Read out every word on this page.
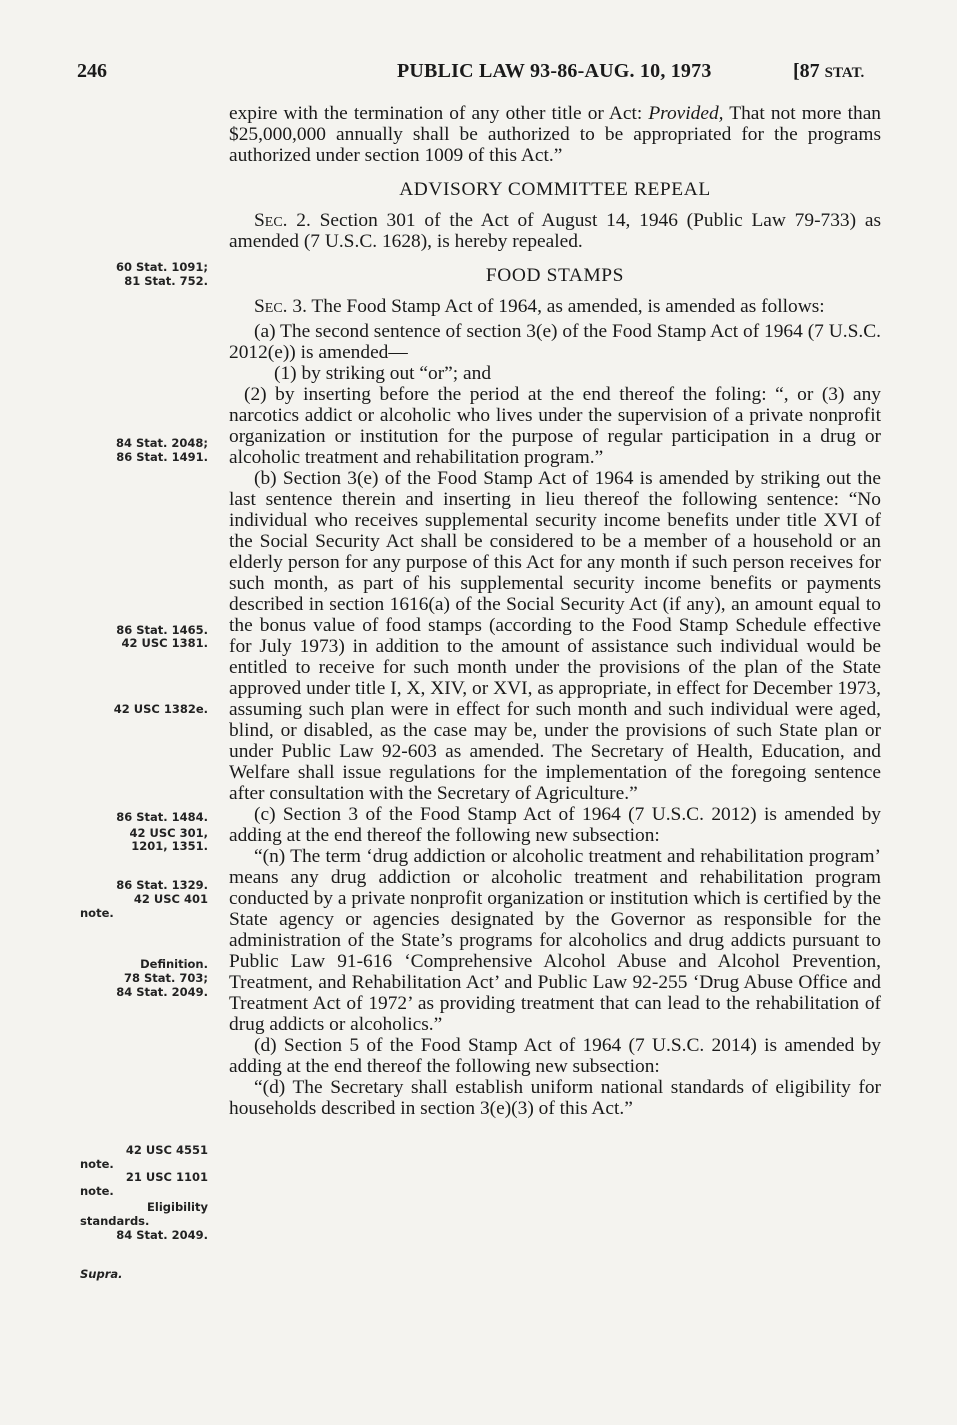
246	PUBLIC LAW 93-86-AUG. 10, 1973	[87 STAT.

expire with the termination of any other title or Act: Provided, That not more than $25,000,000 annually shall be authorized to be appropriated for the programs authorized under section 1009 of this Act.”

ADVISORY COMMITTEE REPEAL

Sec. 2. Section 301 of the Act of August 14, 1946 (Public Law 79-733) as amended (7 U.S.C. 1628), is hereby repealed.

FOOD STAMPS

Sec. 3. The Food Stamp Act of 1964, as amended, is amended as follows:

(a) The second sentence of section 3(e) of the Food Stamp Act of 1964 (7 U.S.C. 2012(e)) is amended—

(1) by striking out “or”; and

(2) by inserting before the period at the end thereof the foling: “, or (3) any narcotics addict or alcoholic who lives under the supervision of a private nonprofit organization or institution for the purpose of regular participation in a drug or alcoholic treatment and rehabilitation program.”

(b) Section 3(e) of the Food Stamp Act of 1964 is amended by striking out the last sentence therein and inserting in lieu thereof the following sentence: “No individual who receives supplemental security income benefits under title XVI of the Social Security Act shall be considered to be a member of a household or an elderly person for any purpose of this Act for any month if such person receives for such month, as part of his supplemental security income benefits or payments described in section 1616(a) of the Social Security Act (if any), an amount equal to the bonus value of food stamps (according to the Food Stamp Schedule effective for July 1973) in addition to the amount of assistance such individual would be entitled to receive for such month under the provisions of the plan of the State approved under title I, X, XIV, or XVI, as appropriate, in effect for December 1973, assuming such plan were in effect for such month and such individual were aged, blind, or disabled, as the case may be, under the provisions of such State plan or under Public Law 92-603 as amended. The Secretary of Health, Education, and Welfare shall issue regulations for the implementation of the foregoing sentence after consultation with the Secretary of Agriculture.”

(c) Section 3 of the Food Stamp Act of 1964 (7 U.S.C. 2012) is amended by adding at the end thereof the following new subsection:

“(n) The term ‘drug addiction or alcoholic treatment and rehabilitation program’ means any drug addiction or alcoholic treatment and rehabilitation program conducted by a private nonprofit organization or institution which is certified by the State agency or agencies designated by the Governor as responsible for the administration of the State’s programs for alcoholics and drug addicts pursuant to Public Law 91-616 ‘Comprehensive Alcohol Abuse and Alcohol Prevention, Treatment, and Rehabilitation Act’ and Public Law 92-255 ‘Drug Abuse Office and Treatment Act of 1972’ as providing treatment that can lead to the rehabilitation of drug addicts or alcoholics.”

(d) Section 5 of the Food Stamp Act of 1964 (7 U.S.C. 2014) is amended by adding at the end thereof the following new subsection:

“(d) The Secretary shall establish uniform national standards of eligibility for households described in section 3(e)(3) of this Act.”

60 Stat. 1091;
81 Stat. 752.
84 Stat. 2048;
86 Stat. 1491.
86 Stat. 1465.
42 USC 1381.
42 USC 1382e.
86 Stat. 1484.
42 USC 301,
1201, 1351.
86 Stat. 1329.
42 USC 401
note.
Definition.
78 Stat. 703;
84 Stat. 2049.
42 USC 4551
note.
21 USC 1101
note.
Eligibility
standards.
84 Stat. 2049.
Supra.
